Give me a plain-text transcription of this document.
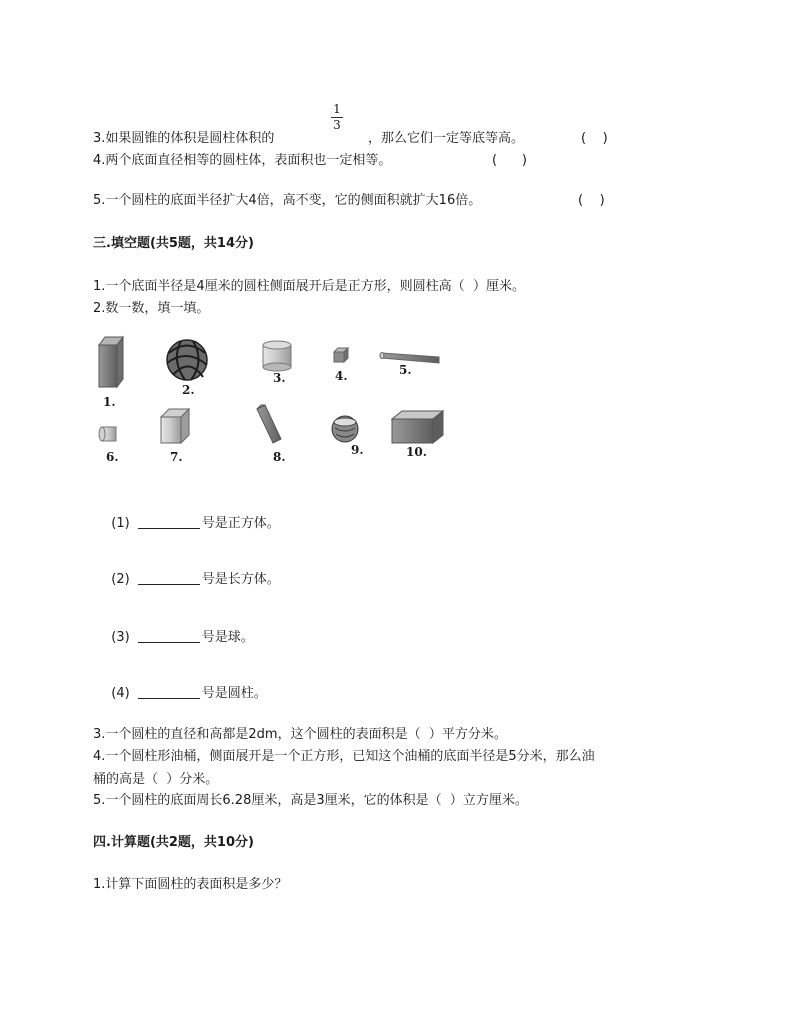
1
3
3.如果圆锥的体积是圆柱体积的	，那么它们一定等底等高。	(    )
4.两个底面直径相等的圆柱体，表面积也一定相等。	(      )
5.一个圆柱的底面半径扩大4倍，高不变，它的侧面积就扩大16倍。	(    )
三.填空题(共5题，共14分)
1.一个底面半径是4厘米的圆柱侧面展开后是正方形，则圆柱高（  ）厘米。
2.数一数，填一填。
1.
2.
3.	4.	5.
6.	7.	8.	9.	10.

(1)	号是正方体。

(2)	号是长方体。

(3)	号是球。

(4)	号是圆柱。

3.一个圆柱的直径和高都是2dm，这个圆柱的表面积是（  ）平方分米。
4.一个圆柱形油桶，侧面展开是一个正方形，已知这个油桶的底面半径是5分米，那么油
桶的高是（  ）分米。
5.一个圆柱的底面周长6.28厘米，高是3厘米，它的体积是（  ）立方厘米。
四.计算题(共2题，共10分)
1.计算下面圆柱的表面积是多少？
